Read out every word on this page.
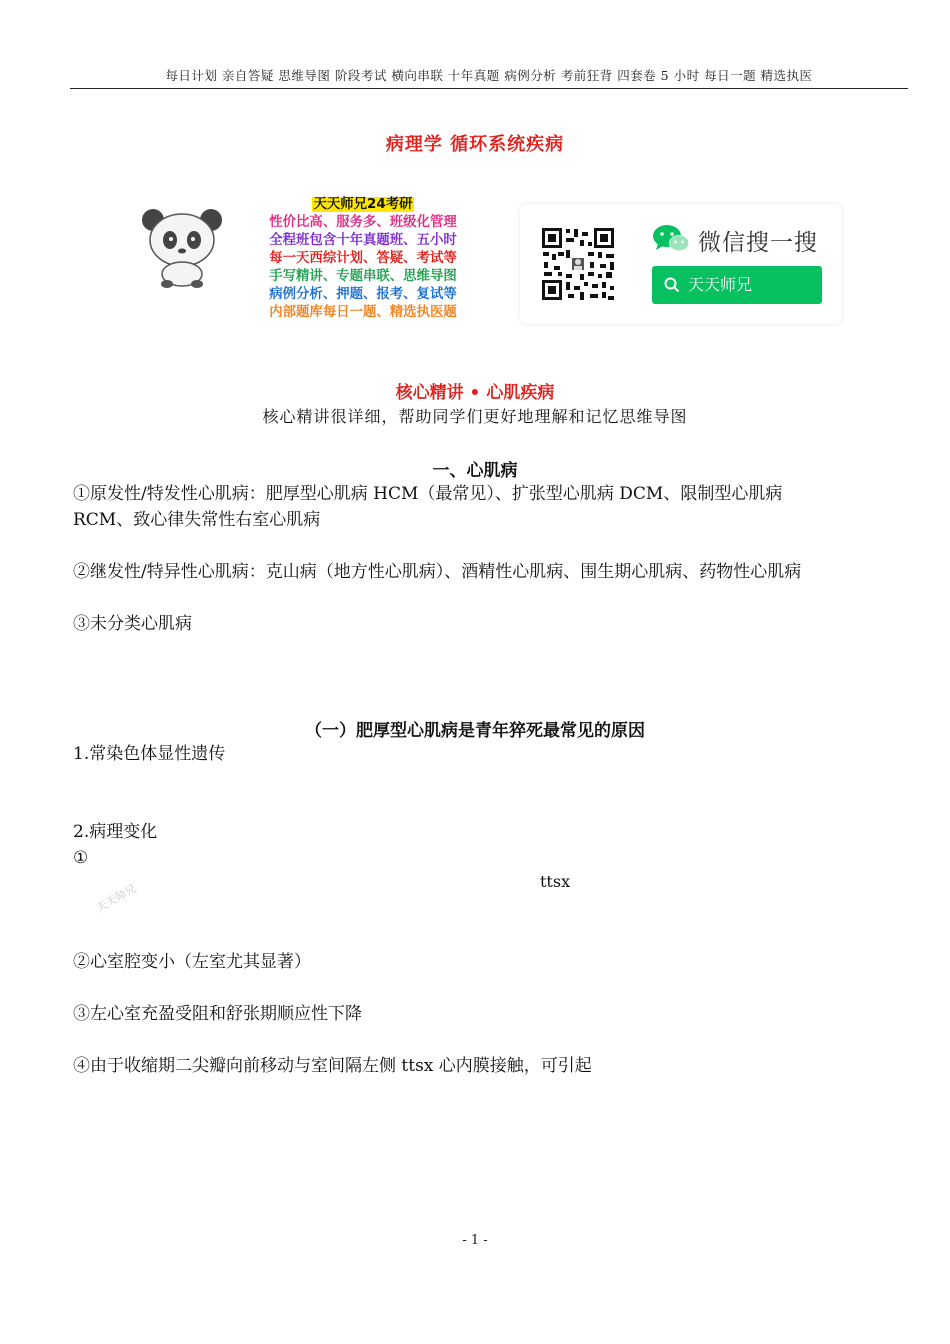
每日计划 亲自答疑 思维导图 阶段考试 横向串联 十年真题 病例分析 考前狂背 四套卷 5 小时 每日一题 精选执医
病理学 循环系统疾病
天天师兄24考研
性价比高、服务多、班级化管理
全程班包含十年真题班、五小时
每一天西综计划、答疑、考试等
手写精讲、专题串联、思维导图
病例分析、押题、报考、复试等
内部题库每日一题、精选执医题
微信搜一搜
天天师兄
核心精讲 • 心肌疾病
核心精讲很详细，帮助同学们更好地理解和记忆思维导图
一、心肌病
①原发性/特发性心肌病：肥厚型心肌病 HCM（最常见）、扩张型心肌病 DCM、限制型心肌病
RCM、致心律失常性右室心肌病
②继发性/特异性心肌病：克山病（地方性心肌病）、酒精性心肌病、围生期心肌病、药物性心肌病
③未分类心肌病
（一）肥厚型心肌病是青年猝死最常见的原因
1.常染色体显性遗传
2.病理变化
①
ttsx
②心室腔变小（左室尤其显著）
③左心室充盈受阻和舒张期顺应性下降
④由于收缩期二尖瓣向前移动与室间隔左侧 ttsx 心内膜接触，可引起
天天师兄
- 1 -
